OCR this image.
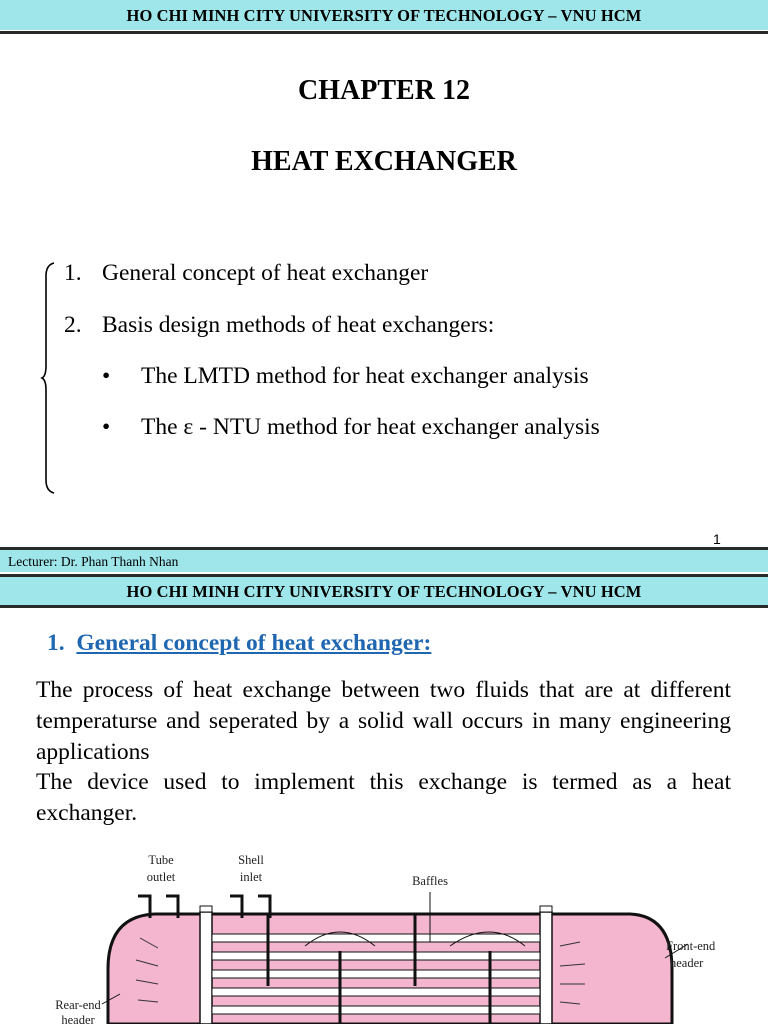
HO CHI MINH CITY UNIVERSITY OF TECHNOLOGY – VNU HCM
CHAPTER 12
HEAT EXCHANGER
1. General concept of heat exchanger
2. Basis design methods of heat exchangers:
• The LMTD method for heat exchanger analysis
• The ε - NTU method for heat exchanger analysis
1
Lecturer: Dr. Phan Thanh Nhan
HO CHI MINH CITY UNIVERSITY OF TECHNOLOGY – VNU HCM
1. General concept of heat exchanger:
The process of heat exchange between two fluids that are at different temperaturse and seperated by a solid wall occurs in many engineering applications
The device used to implement this exchange is termed as a heat exchanger.
Tube
outlet
Shell
inlet	Baffles
Front-end
header
Rear-end
header
